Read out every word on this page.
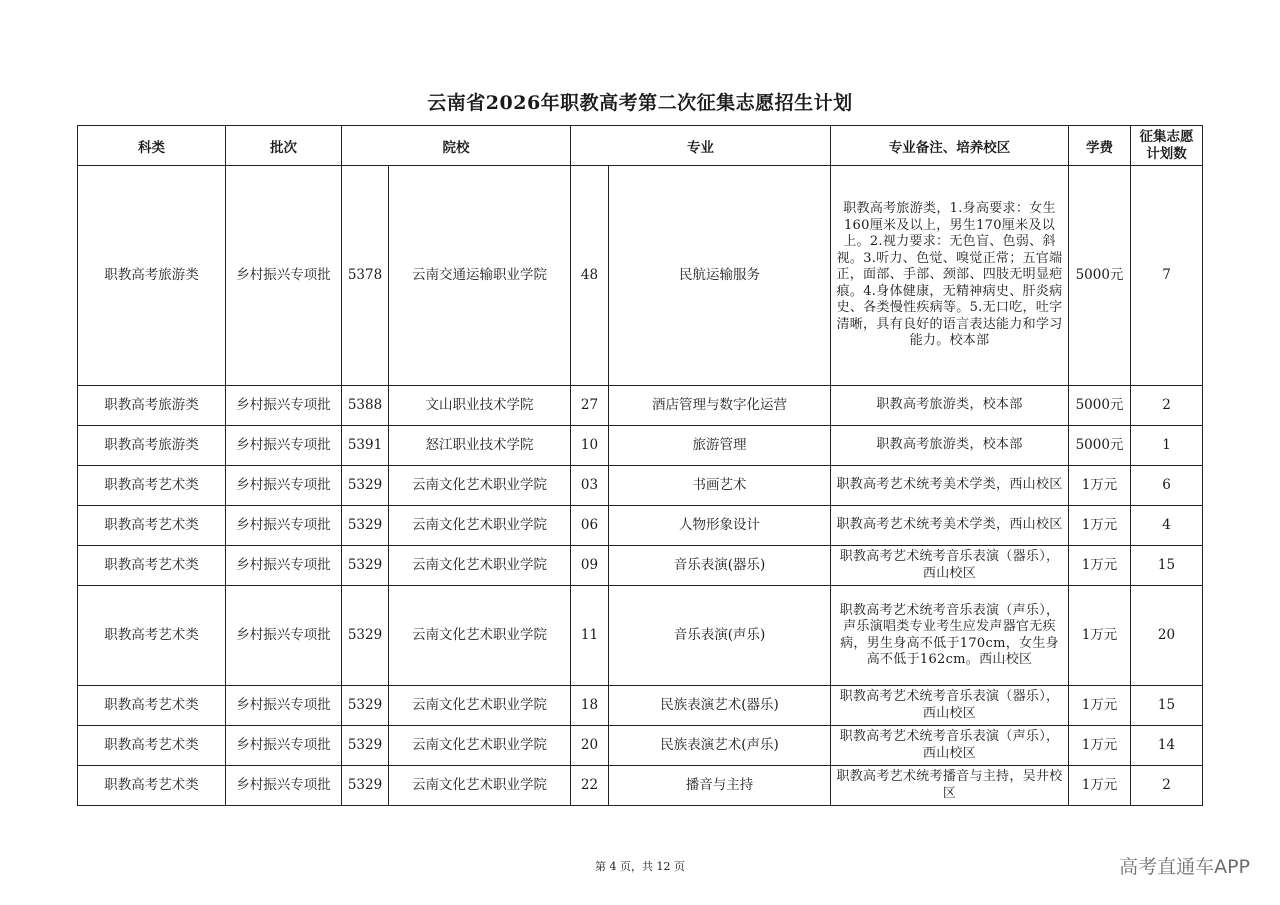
云南省2026年职教高考第二次征集志愿招生计划
科类	批次	院校		专业		专业备注、培养校区	学费	征集志愿计划数
职教高考旅游类	乡村振兴专项批	5378	云南交通运输职业学院	48	民航运输服务	职教高考旅游类，1.身高要求：女生160厘米及以上，男生170厘米及以上。2.视力要求：无色盲、色弱、斜视。3.听力、色觉、嗅觉正常；五官端正，面部、手部、颈部、四肢无明显疤痕。4.身体健康，无精神病史、肝炎病史、各类慢性疾病等。5.无口吃，吐字清晰，具有良好的语言表达能力和学习能力。校本部	5000元	7
职教高考旅游类	乡村振兴专项批	5388	文山职业技术学院	27	酒店管理与数字化运营	职教高考旅游类，校本部	5000元	2
职教高考旅游类	乡村振兴专项批	5391	怒江职业技术学院	10	旅游管理	职教高考旅游类，校本部	5000元	1
职教高考艺术类	乡村振兴专项批	5329	云南文化艺术职业学院	03	书画艺术	职教高考艺术统考美术学类，西山校区	1万元	6
职教高考艺术类	乡村振兴专项批	5329	云南文化艺术职业学院	06	人物形象设计	职教高考艺术统考美术学类，西山校区	1万元	4
职教高考艺术类	乡村振兴专项批	5329	云南文化艺术职业学院	09	音乐表演(器乐)	职教高考艺术统考音乐表演（器乐），西山校区	1万元	15
职教高考艺术类	乡村振兴专项批	5329	云南文化艺术职业学院	11	音乐表演(声乐)	职教高考艺术统考音乐表演（声乐），声乐演唱类专业考生应发声器官无疾病，男生身高不低于170cm，女生身高不低于162cm。西山校区	1万元	20
职教高考艺术类	乡村振兴专项批	5329	云南文化艺术职业学院	18	民族表演艺术(器乐)	职教高考艺术统考音乐表演（器乐），西山校区	1万元	15
职教高考艺术类	乡村振兴专项批	5329	云南文化艺术职业学院	20	民族表演艺术(声乐)	职教高考艺术统考音乐表演（声乐），西山校区	1万元	14
职教高考艺术类	乡村振兴专项批	5329	云南文化艺术职业学院	22	播音与主持	职教高考艺术统考播音与主持，吴井校区	1万元	2
第 4 页，共 12 页	高考直通车APP
